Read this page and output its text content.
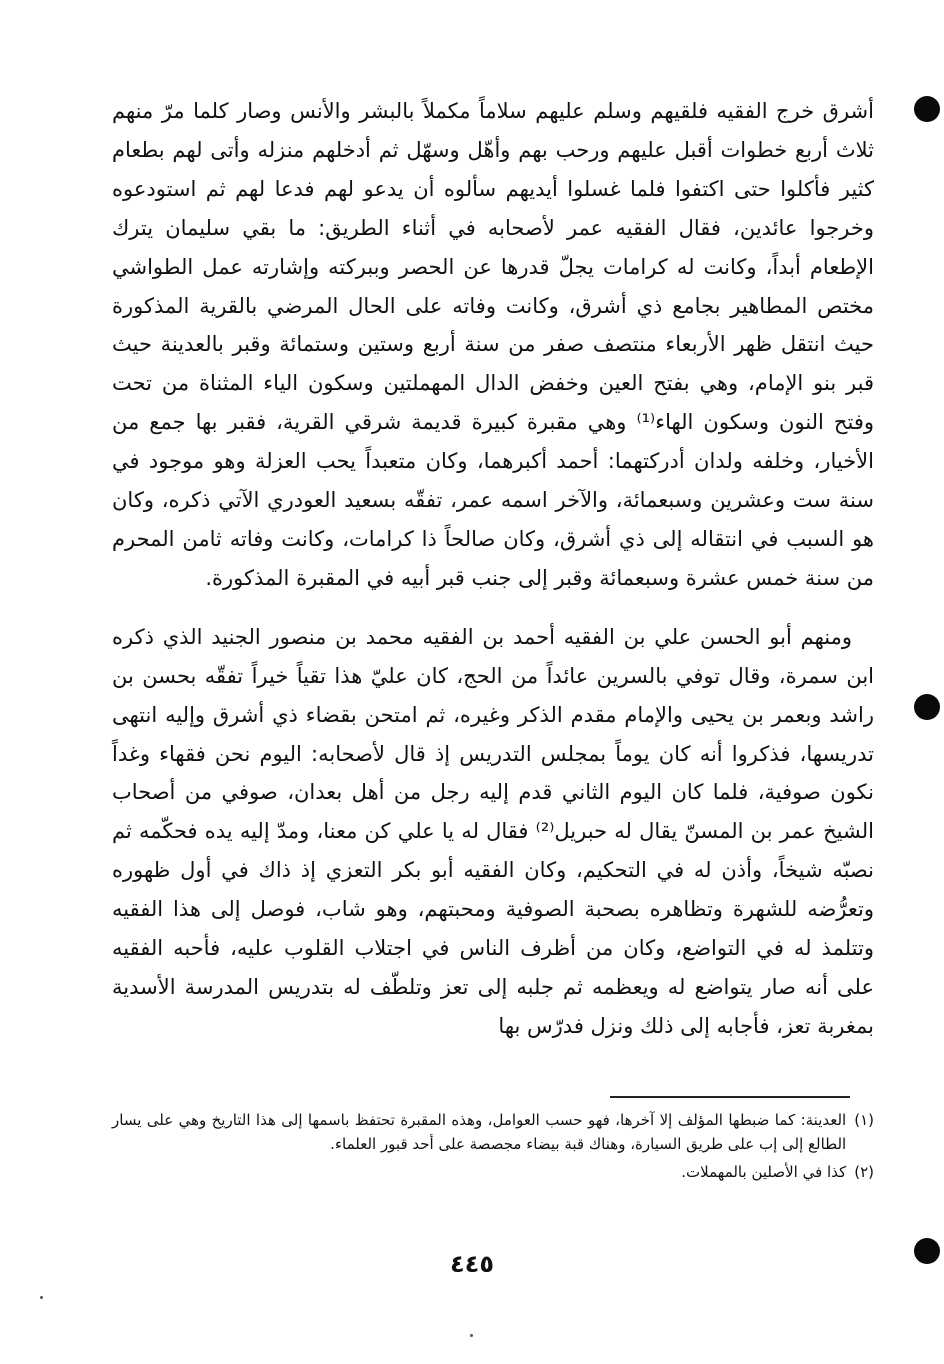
أشرق خرج الفقيه فلقيهم وسلم عليهم سلاماً مكملاً بالبشر والأنس وصار كلما مرّ منهم ثلاث أربع خطوات أقبل عليهم ورحب بهم وأهّل وسهّل ثم أدخلهم منزله وأتى لهم بطعام كثير فأكلوا حتى اكتفوا فلما غسلوا أيديهم سألوه أن يدعو لهم فدعا لهم ثم استودعوه وخرجوا عائدين، فقال الفقيه عمر لأصحابه في أثناء الطريق: ما بقي سليمان يترك الإطعام أبداً، وكانت له كرامات يجلّ قدرها عن الحصر وببركته وإشارته عمل الطواشي مختص المطاهير بجامع ذي أشرق، وكانت وفاته على الحال المرضي بالقرية المذكورة حيث انتقل ظهر الأربعاء منتصف صفر من سنة أربع وستين وستمائة وقبر بالعدينة حيث قبر بنو الإمام، وهي بفتح العين وخفض الدال المهملتين وسكون الياء المثناة من تحت وفتح النون وسكون الهاء⁽¹⁾ وهي مقبرة كبيرة قديمة شرقي القرية، فقبر بها جمع من الأخيار، وخلفه ولدان أدركتهما: أحمد أكبرهما، وكان متعبداً يحب العزلة وهو موجود في سنة ست وعشرين وسبعمائة، والآخر اسمه عمر، تفقّه بسعيد العودري الآتي ذكره، وكان هو السبب في انتقاله إلى ذي أشرق، وكان صالحاً ذا كرامات، وكانت وفاته ثامن المحرم من سنة خمس عشرة وسبعمائة وقبر إلى جنب قبر أبيه في المقبرة المذكورة.

ومنهم أبو الحسن علي بن الفقيه أحمد بن الفقيه محمد بن منصور الجنيد الذي ذكره ابن سمرة، وقال توفي بالسرين عائداً من الحج، كان عليّ هذا تقياً خيراً تفقّه بحسن بن راشد وبعمر بن يحيى والإمام مقدم الذكر وغيره، ثم امتحن بقضاء ذي أشرق وإليه انتهى تدريسها، فذكروا أنه كان يوماً بمجلس التدريس إذ قال لأصحابه: اليوم نحن فقهاء وغداً نكون صوفية، فلما كان اليوم الثاني قدم إليه رجل من أهل بعدان، صوفي من أصحاب الشيخ عمر بن المسنّ يقال له حبريل⁽²⁾ فقال له يا علي كن معنا، ومدّ إليه يده فحكّمه ثم نصبّه شيخاً، وأذن له في التحكيم، وكان الفقيه أبو بكر التعزي إذ ذاك في أول ظهوره وتعرُّضه للشهرة وتظاهره بصحبة الصوفية ومحبتهم، وهو شاب، فوصل إلى هذا الفقيه وتتلمذ له في التواضع، وكان من أظرف الناس في اجتلاب القلوب عليه، فأحبه الفقيه على أنه صار يتواضع له ويعظمه ثم جلبه إلى تعز وتلطّف له بتدريس المدرسة الأسدية بمغربة تعز، فأجابه إلى ذلك ونزل فدرّس بها

(١)
العدينة: كما ضبطها المؤلف إلا آخرها، فهو حسب العوامل، وهذه المقبرة تحتفظ باسمها إلى هذا التاريخ وهي على يسار الطالع إلى إب على طريق السيارة، وهناك قبة بيضاء مجصصة على أحد قبور العلماء.
(٢)
كذا في الأصلين بالمهملات.
٤٤٥
